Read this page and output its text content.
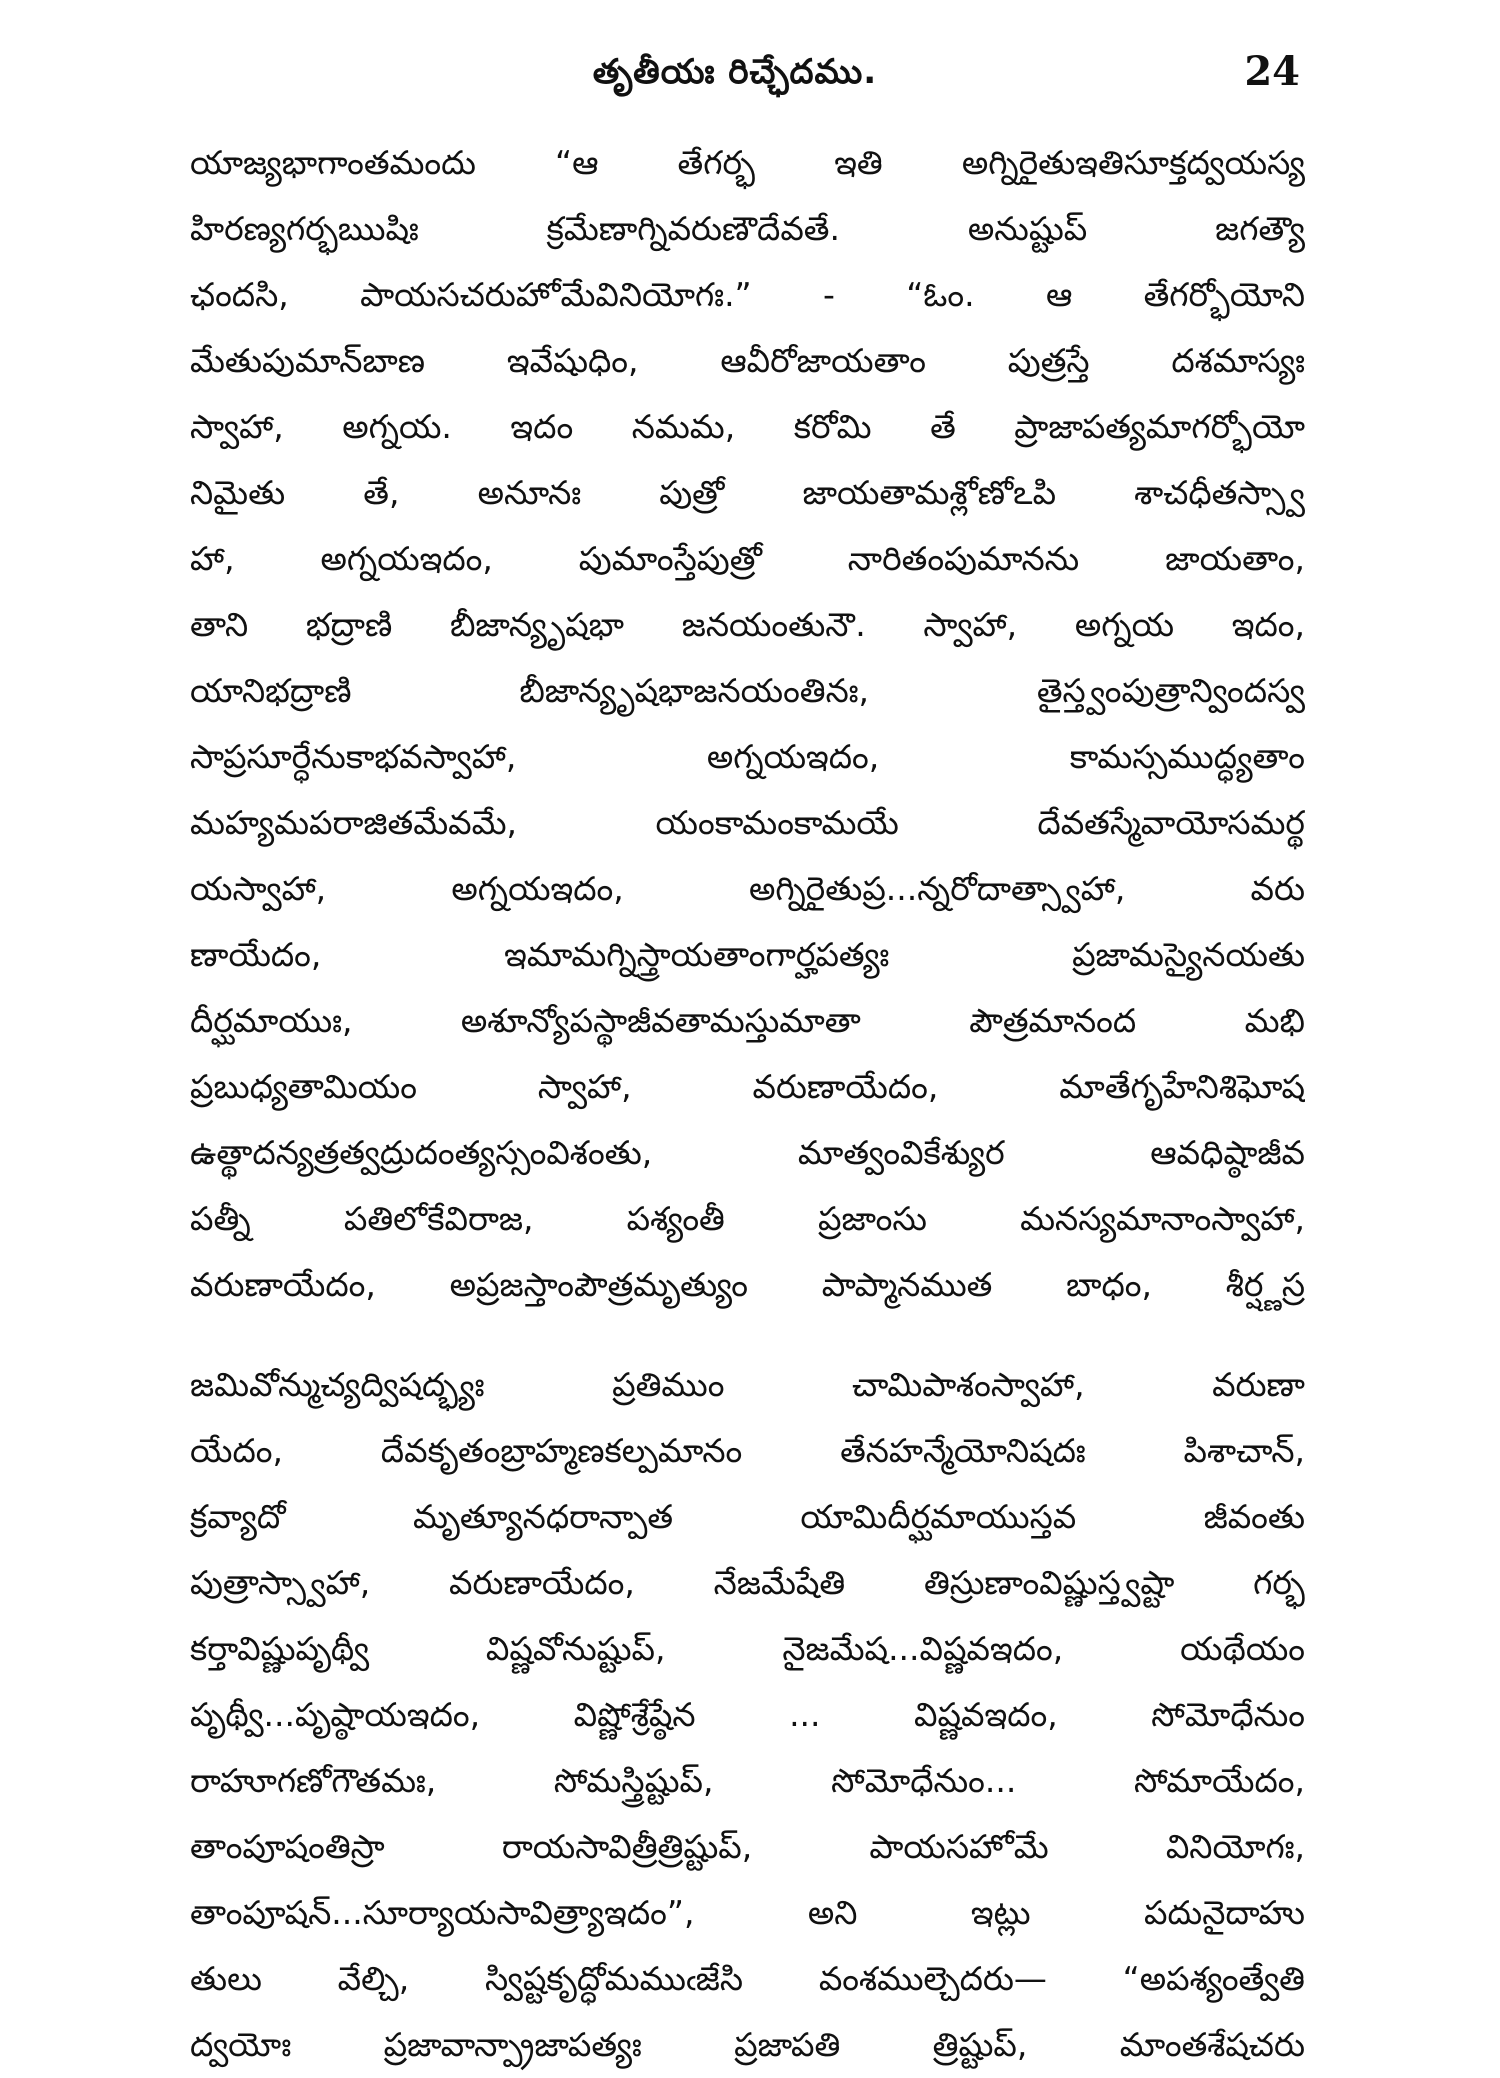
తృతీయః రిచ్ఛేదము.	24
యాజ్యభాగాంతమందు “ఆ తేగర్భ ఇతి అగ్నిరైతుఇతిసూక్తద్వయస్య
హిరణ్యగర్భఋషిః క్రమేణాగ్నివరుణౌదేవతే. అనుష్టుప్ జగత్యౌ
ఛందసి, పాయసచరుహోమేవినియోగః.” - “ఓం. ఆ తేగర్భోయోని
మేతుపుమాన్‌బాణ ఇవేషుధిం, ఆవీరోజాయతాం పుత్రస్తే దశమాస్యః
స్వాహా, అగ్నయ. ఇదం నమమ, కరోమి తే ప్రాజాపత్యమాగర్భోయో
నిమైతు తే, అనూనః పుత్రో జాయతామశ్లోణోఽపి శాచధీతస్స్వా
హా, అగ్నయఇదం, పుమాంస్తేపుత్రో నారితంపుమానను జాయతాం,
తాని భద్రాణి బీజాన్యృషభా జనయంతునౌ. స్వాహా, అగ్నయ ఇదం,
యానిభద్రాణి బీజాన్యృషభాజనయంతినః, తైస్త్వంపుత్రాన్విందస్వ
సాప్రసూర్ధేనుకాభవస్వాహా, అగ్నయఇదం, కామస్సముద్ధ్యతాం
మహ్యమపరాజితమేవమే, యంకామంకామయే దేవతస్మేవాయోసమర్థ
యస్వాహా, అగ్నయఇదం, అగ్నిరైతుప్ర...న్నరోదాత్స్వాహా, వరు
ణాయేదం, ఇమామగ్నిస్త్రాయతాంగార్హపత్యః ప్రజామస్యైనయతు
దీర్ఘమాయుః, అశూన్యోపస్థాజీవతామస్తుమాతా పౌత్రమానంద మభి
ప్రబుధ్యతామియం స్వాహా, వరుణాయేదం, మాతేగృహేనిశిఘోష
ఉత్థాదన్యత్రత్వద్రుదంత్యస్సంవిశంతు, మాత్వంవికేశ్యుర ఆవధిష్ఠాజీవ
పత్నీ పతిలోకేవిరాజ, పశ్యంతీ ప్రజాంసు మనస్యమానాంస్వాహా,
వరుణాయేదం, అప్రజస్తాంపౌత్రమృత్యుం పాప్మానముత బాధం, శీర్ష్ణస్ర
జమివోన్ముచ్యద్విషద్భ్యః ప్రతిముం చామిపాశంస్వాహా, వరుణా
యేదం, దేవకృతంబ్రాహ్మణకల్పమానం తేనహన్మేయోనిషదః పిశాచాన్,
క్రవ్యాదో మృత్యూనధరాన్పాత యామిదీర్ఘమాయుస్తవ జీవంతు
పుత్రాస్స్వాహా, వరుణాయేదం, నేజమేషేతి తిస్రుణాంవిష్ణుస్త్వష్టా గర్భ
కర్తావిష్ణుపృథ్వీ విష్ణవోనుష్టుప్, నైజమేష...విష్ణవఇదం, యథేయం
పృథ్వీ...పృష్ఠాయఇదం, విష్ణోశ్రేష్ఠేన ... విష్ణవఇదం, సోమోధేనుం
రాహూగణోగౌతమః, సోమస్త్రిష్టుప్, సోమోధేనుం... సోమాయేదం,
తాంపూషంతిస్రా రాయసావిత్రీత్రిష్టుప్, పాయసహోమే వినియోగః,
తాంపూషన్...సూర్యాయసావిత్ర్యాఇదం”, అని ఇట్లు పదునైదాహు
తులు వేల్చి, స్విష్టకృద్ధోమముఁజేసి వంశముల్చెదరు— “అపశ్యంత్వేతి
ద్వయోః ప్రజావాన్ప్రాజాపత్యః ప్రజాపతి త్రిష్టుప్, మాంతశేషచరు
